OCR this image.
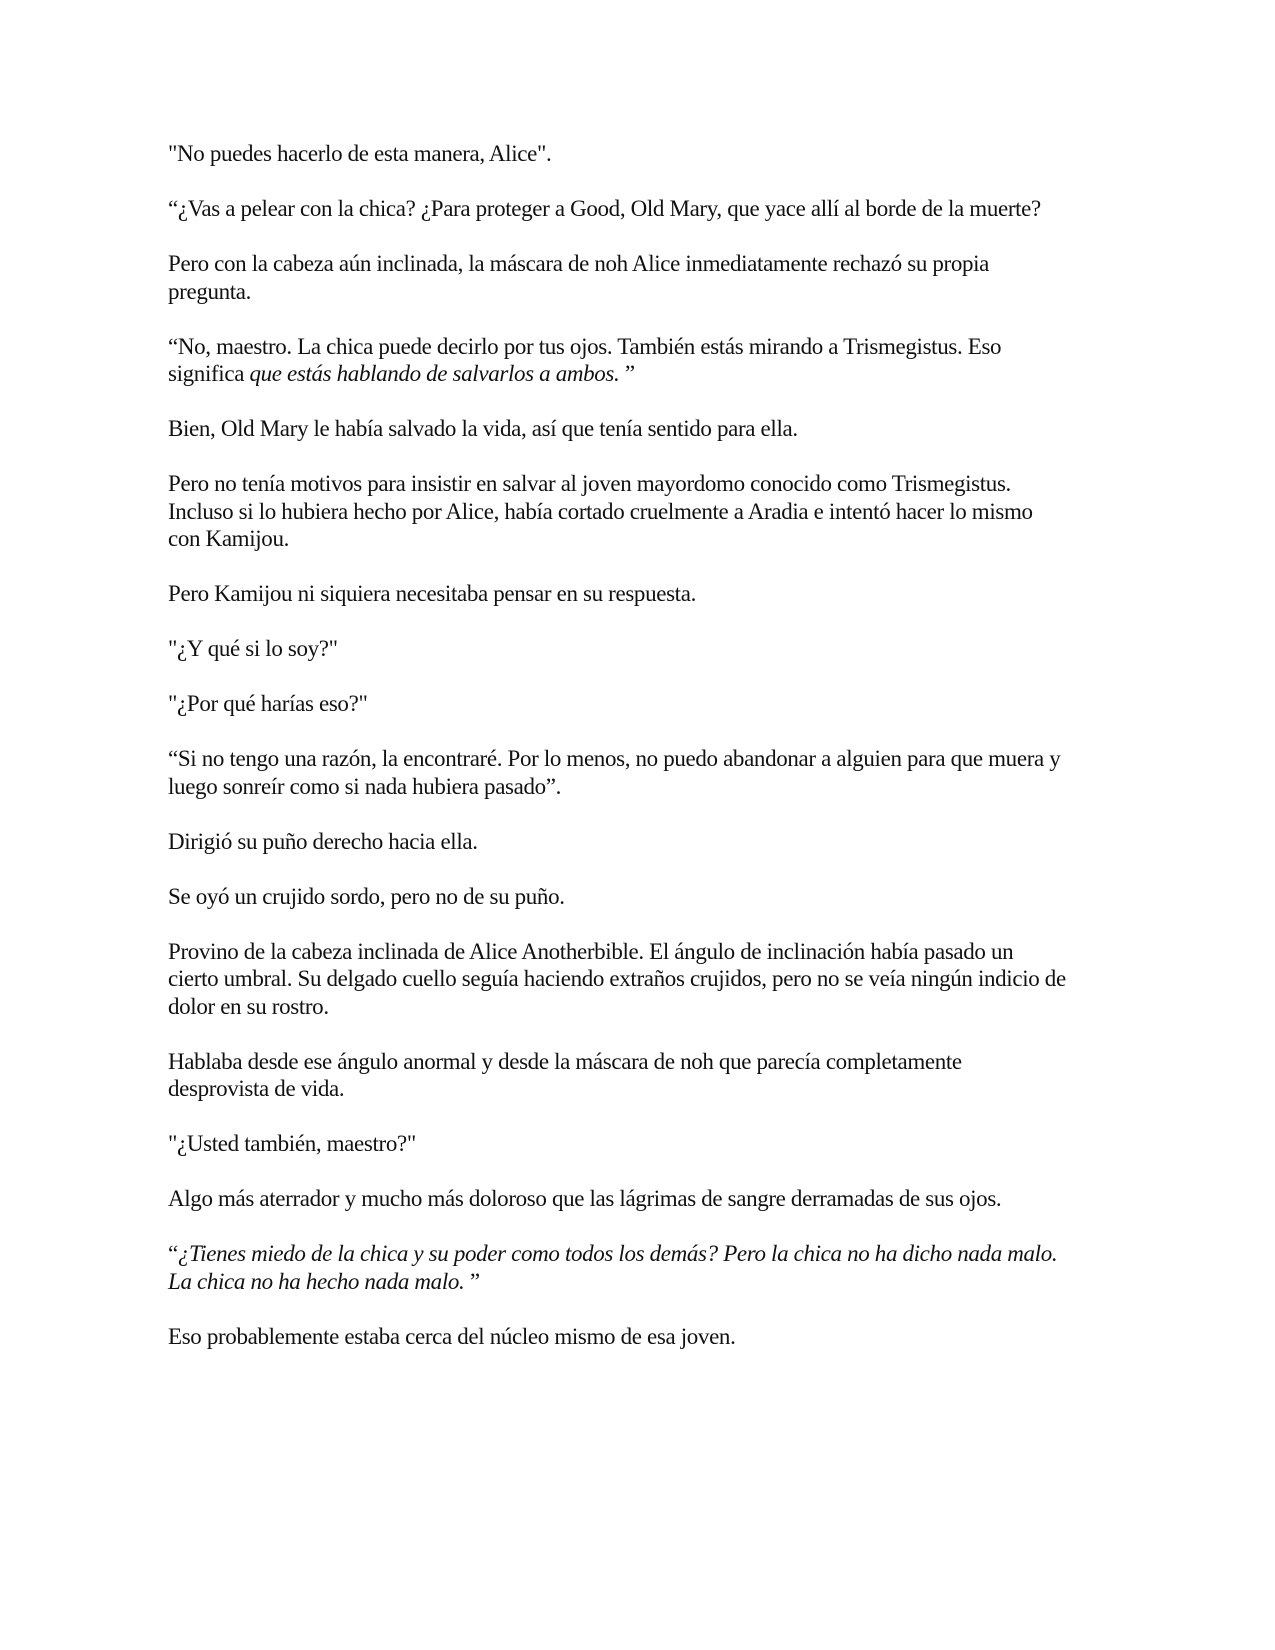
"No puedes hacerlo de esta manera, Alice".

“¿Vas a pelear con la chica? ¿Para proteger a Good, Old Mary, que yace allí al borde de la muerte?

Pero con la cabeza aún inclinada, la máscara de noh Alice inmediatamente rechazó su propia pregunta.

“No, maestro. La chica puede decirlo por tus ojos. También estás mirando a Trismegistus. Eso significa que estás hablando de salvarlos a ambos. ”

Bien, Old Mary le había salvado la vida, así que tenía sentido para ella.

Pero no tenía motivos para insistir en salvar al joven mayordomo conocido como Trismegistus. Incluso si lo hubiera hecho por Alice, había cortado cruelmente a Aradia e intentó hacer lo mismo con Kamijou.

Pero Kamijou ni siquiera necesitaba pensar en su respuesta.

"¿Y qué si lo soy?"

"¿Por qué harías eso?"

“Si no tengo una razón, la encontraré. Por lo menos, no puedo abandonar a alguien para que muera y luego sonreír como si nada hubiera pasado”.

Dirigió su puño derecho hacia ella.

Se oyó un crujido sordo, pero no de su puño.

Provino de la cabeza inclinada de Alice Anotherbible. El ángulo de inclinación había pasado un cierto umbral. Su delgado cuello seguía haciendo extraños crujidos, pero no se veía ningún indicio de dolor en su rostro.

Hablaba desde ese ángulo anormal y desde la máscara de noh que parecía completamente desprovista de vida.

"¿Usted también, maestro?"

Algo más aterrador y mucho más doloroso que las lágrimas de sangre derramadas de sus ojos.

“¿Tienes miedo de la chica y su poder como todos los demás? Pero la chica no ha dicho nada malo. La chica no ha hecho nada malo. ”

Eso probablemente estaba cerca del núcleo mismo de esa joven.
